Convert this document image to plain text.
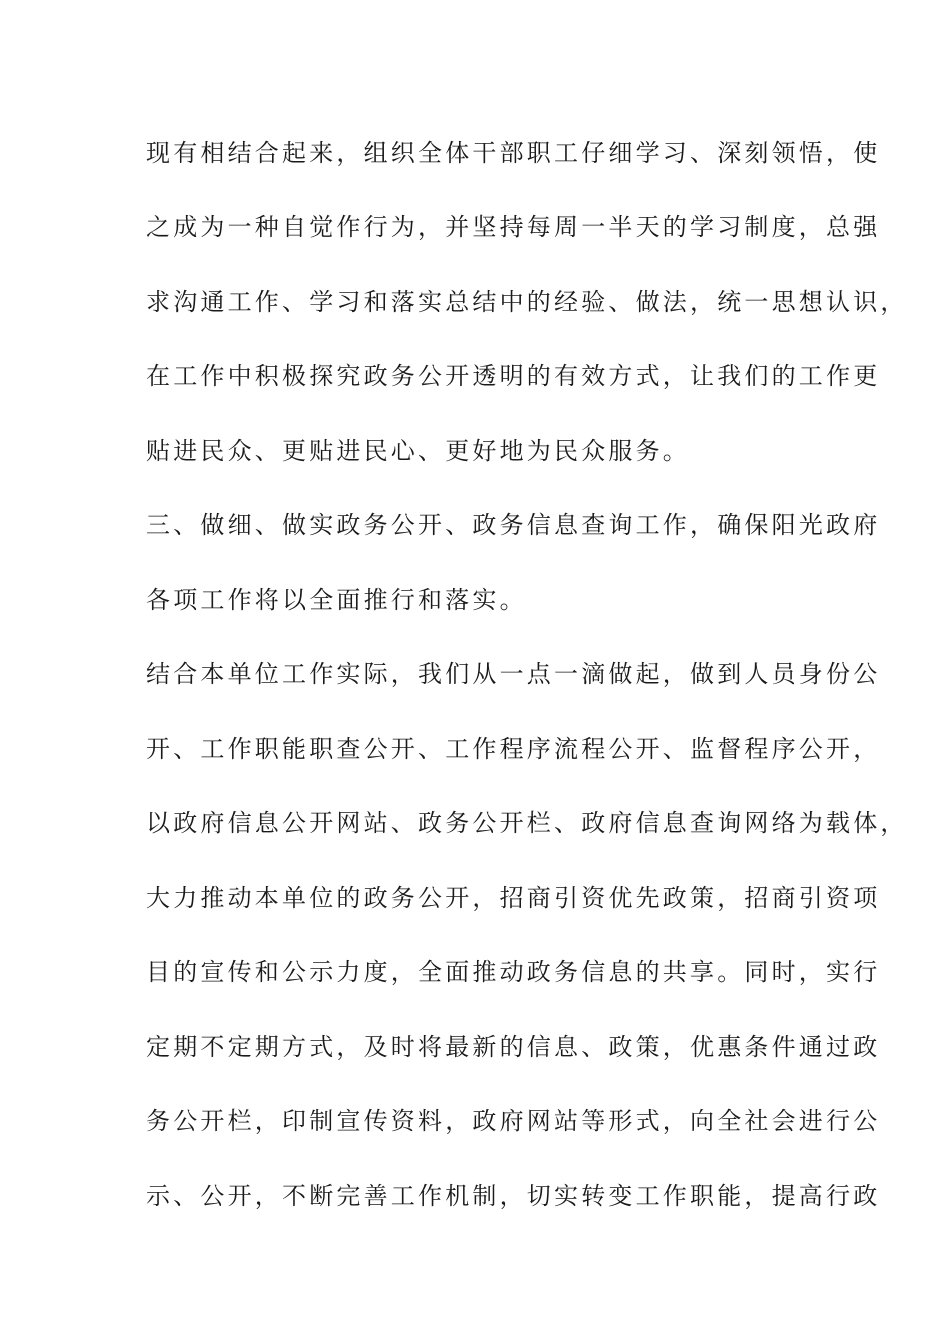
现有相结合起来，组织全体干部职工仔细学习、深刻领悟，使
之成为一种自觉作行为，并坚持每周一半天的学习制度，总强
求沟通工作、学习和落实总结中的经验、做法，统一思想认识，
在工作中积极探究政务公开透明的有效方式，让我们的工作更
贴进民众、更贴进民心、更好地为民众服务。
三、做细、做实政务公开、政务信息查询工作，确保阳光政府
各项工作将以全面推行和落实。
结合本单位工作实际，我们从一点一滴做起，做到人员身份公
开、工作职能职查公开、工作程序流程公开、监督程序公开，
以政府信息公开网站、政务公开栏、政府信息查询网络为载体，
大力推动本单位的政务公开，招商引资优先政策，招商引资项
目的宣传和公示力度，全面推动政务信息的共享。同时，实行
定期不定期方式，及时将最新的信息、政策，优惠条件通过政
务公开栏，印制宣传资料，政府网站等形式，向全社会进行公
示、公开，不断完善工作机制，切实转变工作职能，提高行政
